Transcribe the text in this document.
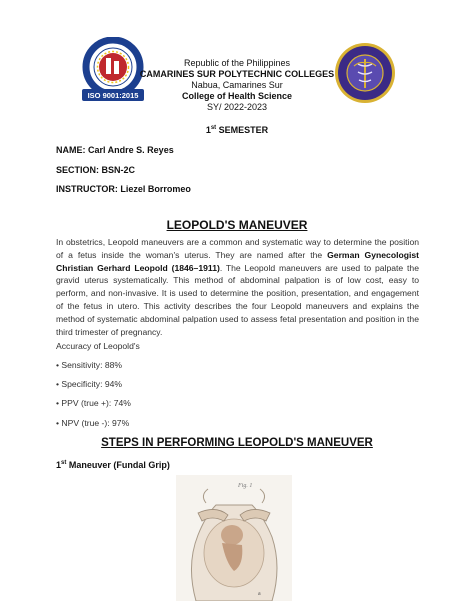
ISO 9001:2015
Republic of the Philippines
CAMARINES SUR POLYTECHNIC COLLEGES
Nabua, Camarines Sur
College of Health Science
SY/ 2022-2023
1st SEMESTER
NAME: Carl Andre S. Reyes
SECTION: BSN-2C
INSTRUCTOR: Liezel Borromeo
LEOPOLD'S MANEUVER
In obstetrics, Leopold maneuvers are a common and systematic way to determine the position of a fetus inside the woman's uterus. They are named after the German Gynecologist Christian Gerhard Leopold (1846–1911). The Leopold maneuvers are used to palpate the gravid uterus systematically. This method of abdominal palpation is of low cost, easy to perform, and non-invasive. It is used to determine the position, presentation, and engagement of the fetus in utero. This activity describes the four Leopold maneuvers and explains the method of systematic abdominal palpation used to assess fetal presentation and position in the third trimester of pregnancy.
Accuracy of Leopold's
• Sensitivity: 88%
• Specificity: 94%
• PPV (true +): 74%
• NPV (true -): 97%
STEPS IN PERFORMING LEOPOLD'S MANEUVER
1st Maneuver (Fundal Grip)
Fig. 1
a
